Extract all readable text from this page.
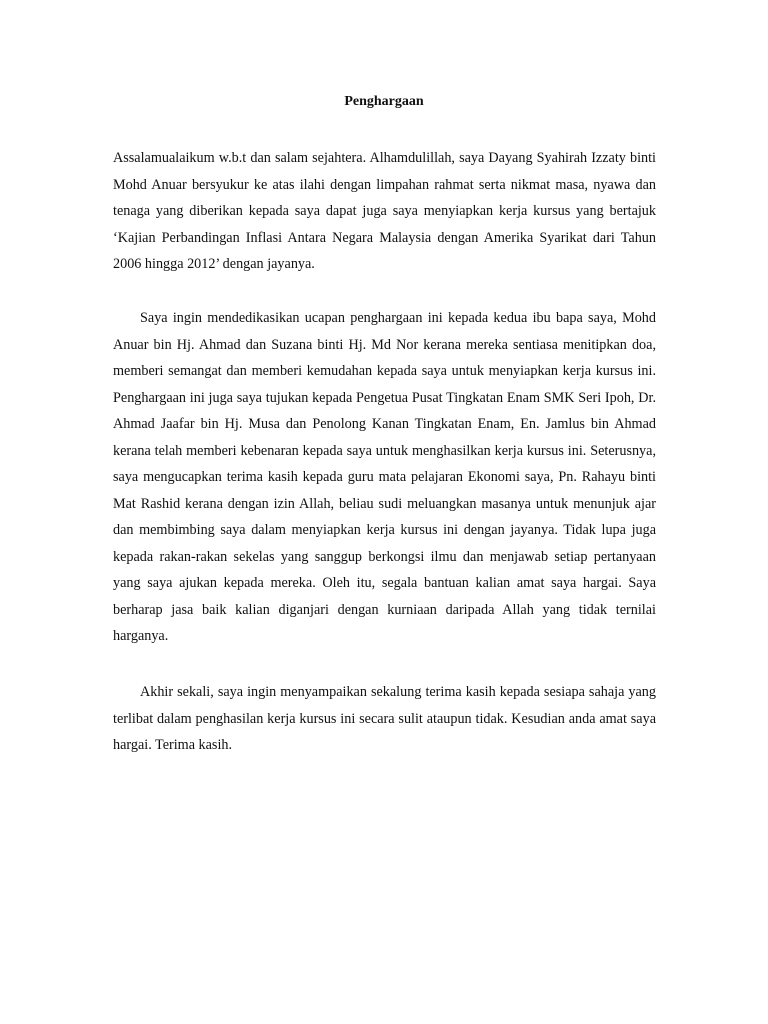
Penghargaan

Assalamualaikum w.b.t dan salam sejahtera. Alhamdulillah, saya Dayang Syahirah Izzaty binti Mohd Anuar bersyukur ke atas ilahi dengan limpahan rahmat serta nikmat masa, nyawa dan tenaga yang diberikan kepada saya dapat juga saya menyiapkan kerja kursus yang bertajuk ‘Kajian Perbandingan Inflasi Antara Negara Malaysia dengan Amerika Syarikat dari Tahun 2006 hingga 2012’ dengan jayanya.

Saya ingin mendedikasikan ucapan penghargaan ini kepada kedua ibu bapa saya, Mohd Anuar bin Hj. Ahmad dan Suzana binti Hj. Md Nor kerana mereka sentiasa menitipkan doa, memberi semangat dan memberi kemudahan kepada saya untuk menyiapkan kerja kursus ini. Penghargaan ini juga saya tujukan kepada Pengetua Pusat Tingkatan Enam SMK Seri Ipoh, Dr. Ahmad Jaafar bin Hj. Musa dan Penolong Kanan Tingkatan Enam, En. Jamlus bin Ahmad kerana telah memberi kebenaran kepada saya untuk menghasilkan kerja kursus ini. Seterusnya, saya mengucapkan terima kasih kepada guru mata pelajaran Ekonomi saya, Pn. Rahayu binti Mat Rashid kerana dengan izin Allah, beliau sudi meluangkan masanya untuk menunjuk ajar dan membimbing saya dalam menyiapkan kerja kursus ini dengan jayanya. Tidak lupa juga kepada rakan-rakan sekelas yang sanggup berkongsi ilmu dan menjawab setiap pertanyaan yang saya ajukan kepada mereka. Oleh itu, segala bantuan kalian amat saya hargai. Saya berharap jasa baik kalian diganjari dengan kurniaan daripada Allah yang tidak ternilai harganya.

Akhir sekali, saya ingin menyampaikan sekalung terima kasih kepada sesiapa sahaja yang terlibat dalam penghasilan kerja kursus ini secara sulit ataupun tidak. Kesudian anda amat saya hargai. Terima kasih.
